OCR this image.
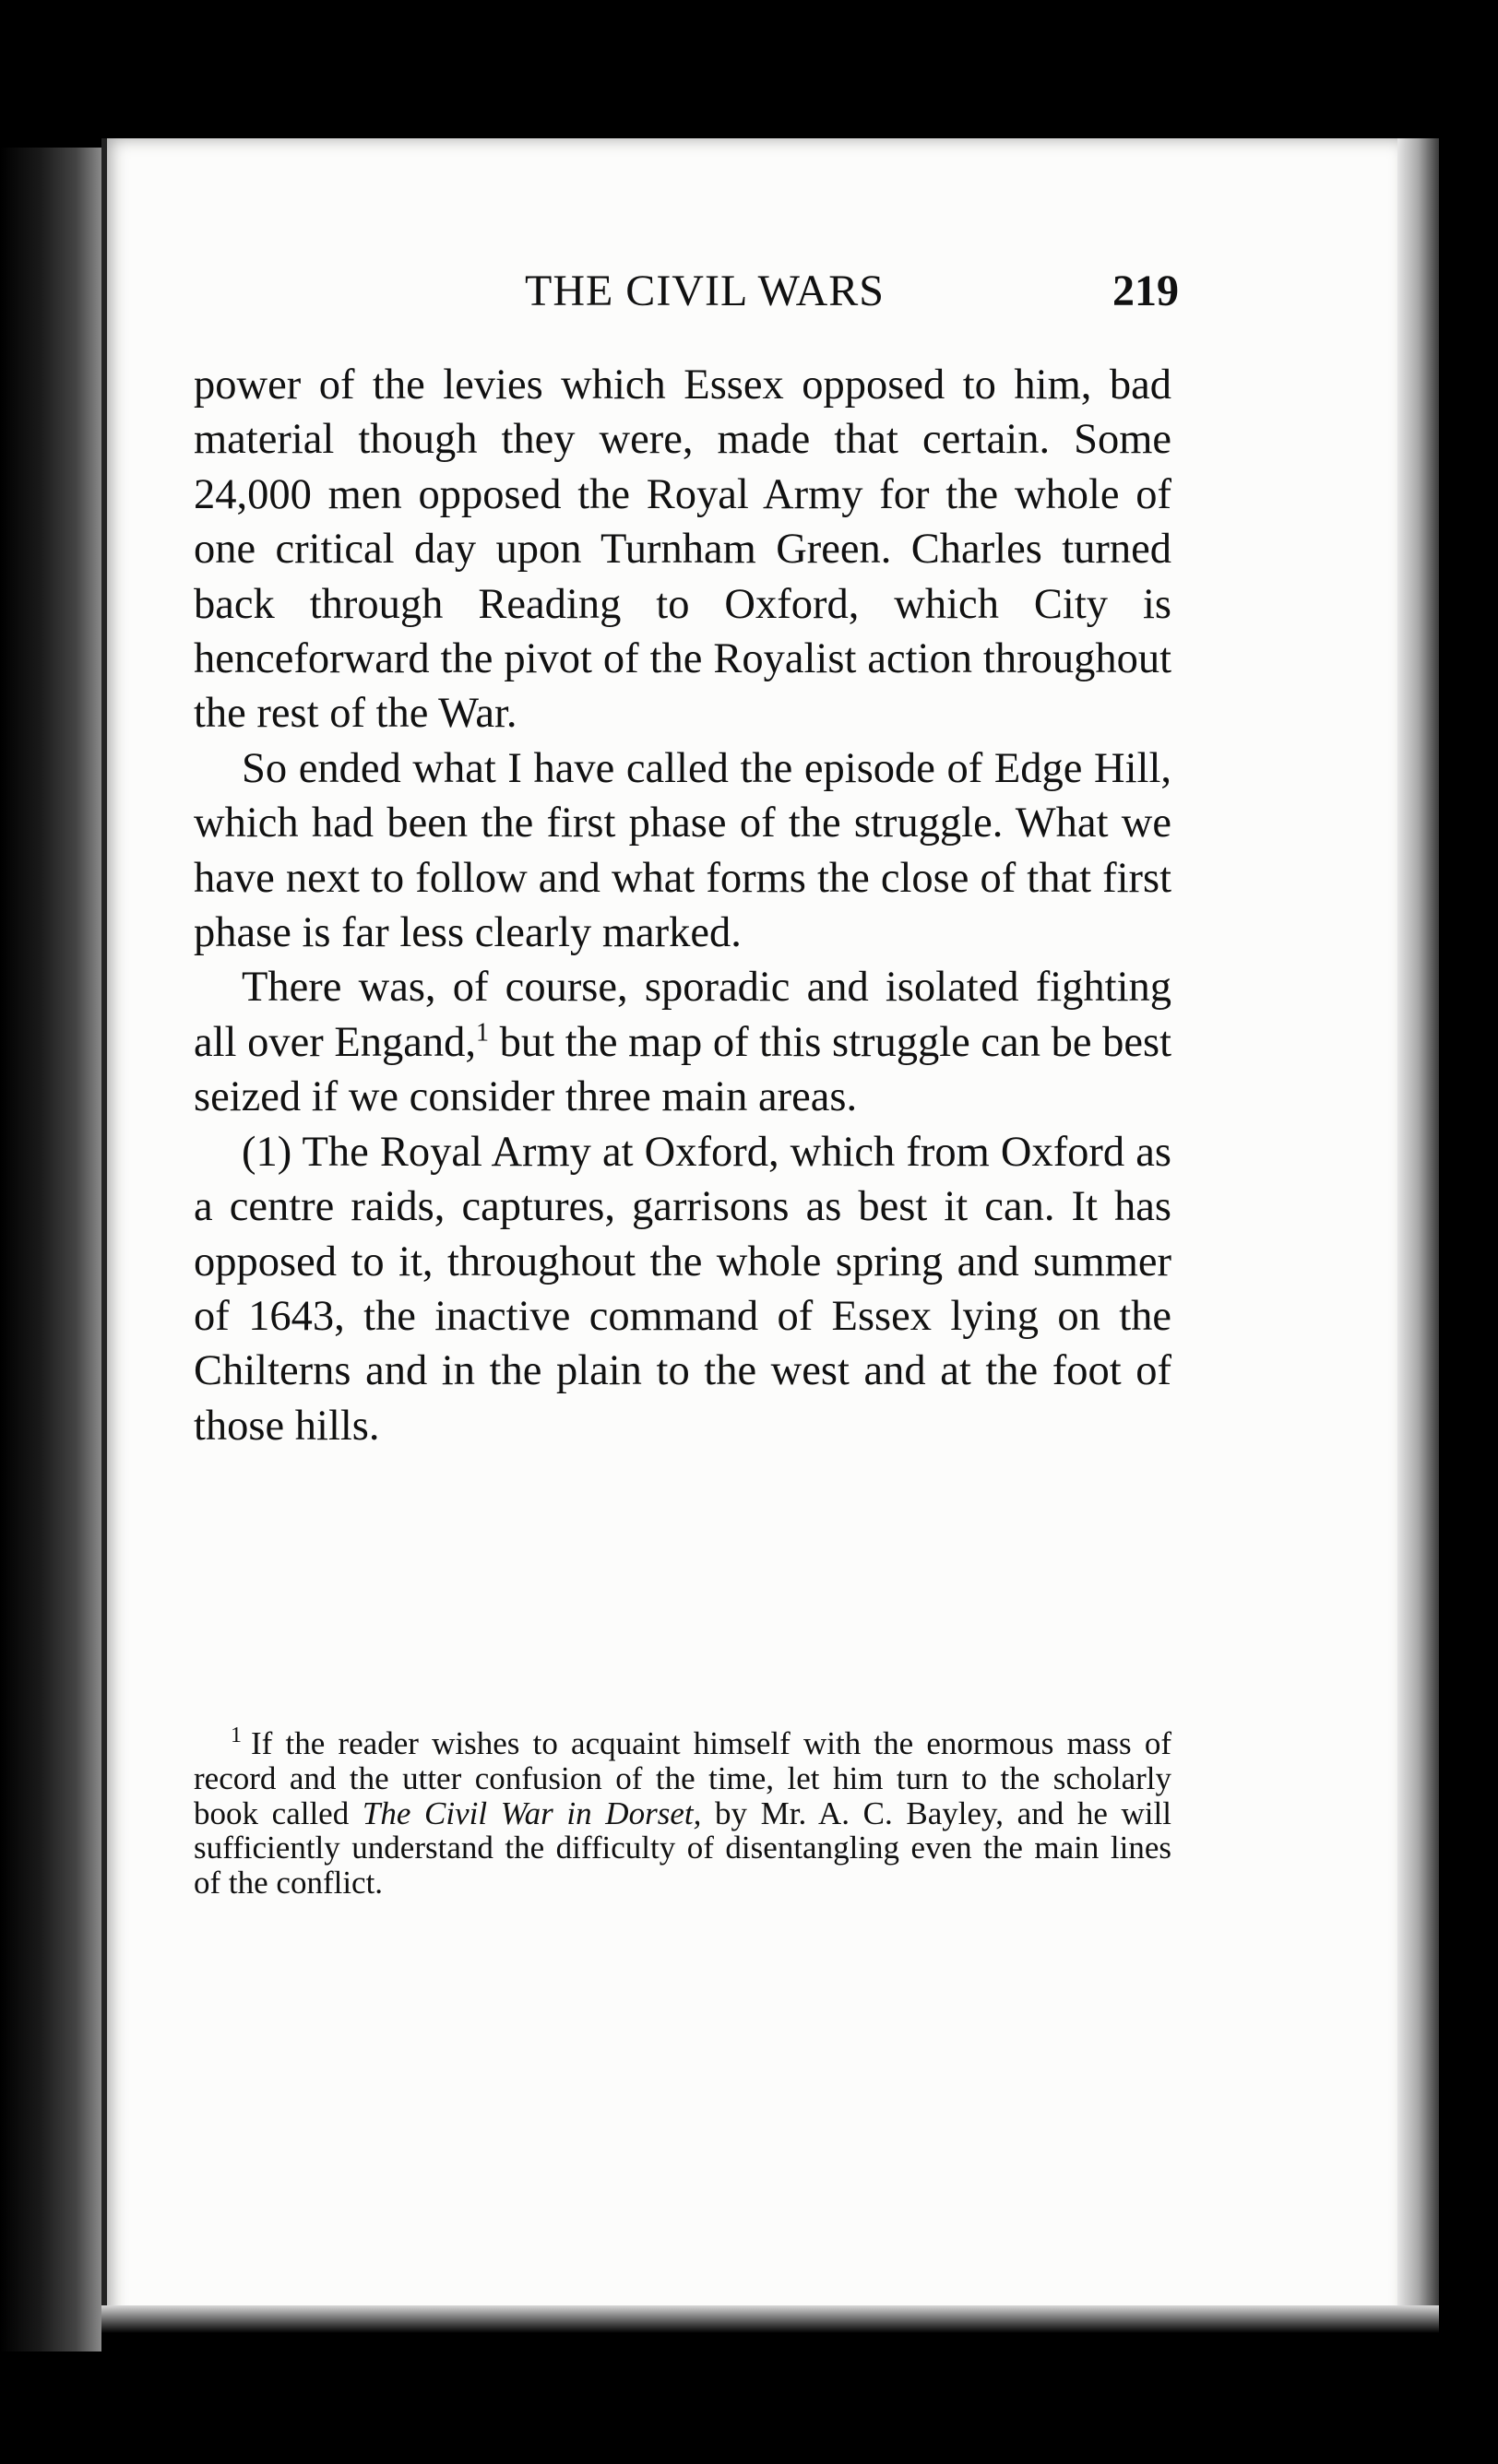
THE CIVIL WARS	219

power of the levies which Essex opposed to him, bad material though they were, made that certain. Some 24,000 men opposed the Royal Army for the whole of one critical day upon Turnham Green. Charles turned back through Reading to Oxford, which City is henceforward the pivot of the Royalist action throughout the rest of the War.

So ended what I have called the episode of Edge Hill, which had been the first phase of the struggle. What we have next to follow and what forms the close of that first phase is far less clearly marked.

There was, of course, sporadic and isolated fighting all over Engand,$^1$ but the map of this struggle can be best seized if we consider three main areas.

(1) The Royal Army at Oxford, which from Oxford as a centre raids, captures, garrisons as best it can. It has opposed to it, throughout the whole spring and summer of 1643, the inactive command of Essex lying on the Chilterns and in the plain to the west and at the foot of those hills.

$^1$ If the reader wishes to acquaint himself with the enormous mass of record and the utter confusion of the time, let him turn to the scholarly book called The Civil War in Dorset, by Mr. A. C. Bayley, and he will sufficiently understand the difficulty of disentangling even the main lines of the conflict.
